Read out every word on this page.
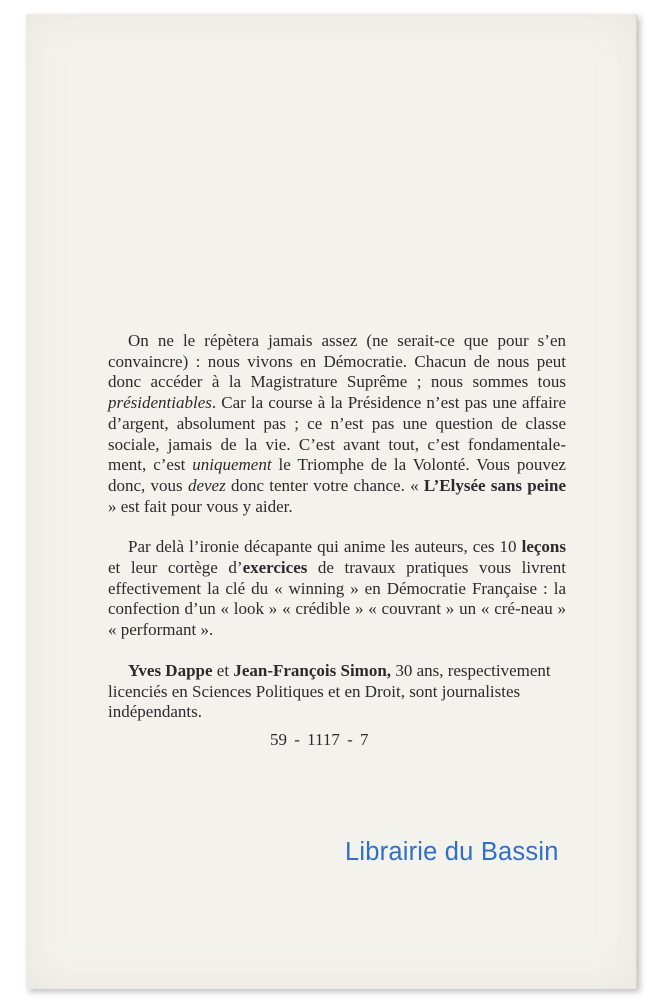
On ne le répètera jamais assez (ne serait-ce que pour s’en convaincre) : nous vivons en Démocratie. Chacun de nous peut donc accéder à la Magistrature Suprême ; nous sommes tous présidentiables. Car la course à la Présidence n’est pas une affaire d’argent, absolument pas ; ce n’est pas une question de classe sociale, jamais de la vie. C’est avant tout, c’est fondamentale-ment, c’est uniquement le Triomphe de la Volonté. Vous pouvez donc, vous devez donc tenter votre chance. « L’Elysée sans peine » est fait pour vous y aider.

Par delà l’ironie décapante qui anime les auteurs, ces 10 leçons et leur cortège d’exercices de travaux pratiques vous livrent effectivement la clé du « winning » en Démocratie Française : la confection d’un « look » « crédible » « couvrant » un « cré-neau » « performant ».

Yves Dappe et Jean-François Simon, 30 ans, respectivement licenciés en Sciences Politiques et en Droit, sont journalistes indépendants.

59 - 1117 - 7
Librairie du Bassin
